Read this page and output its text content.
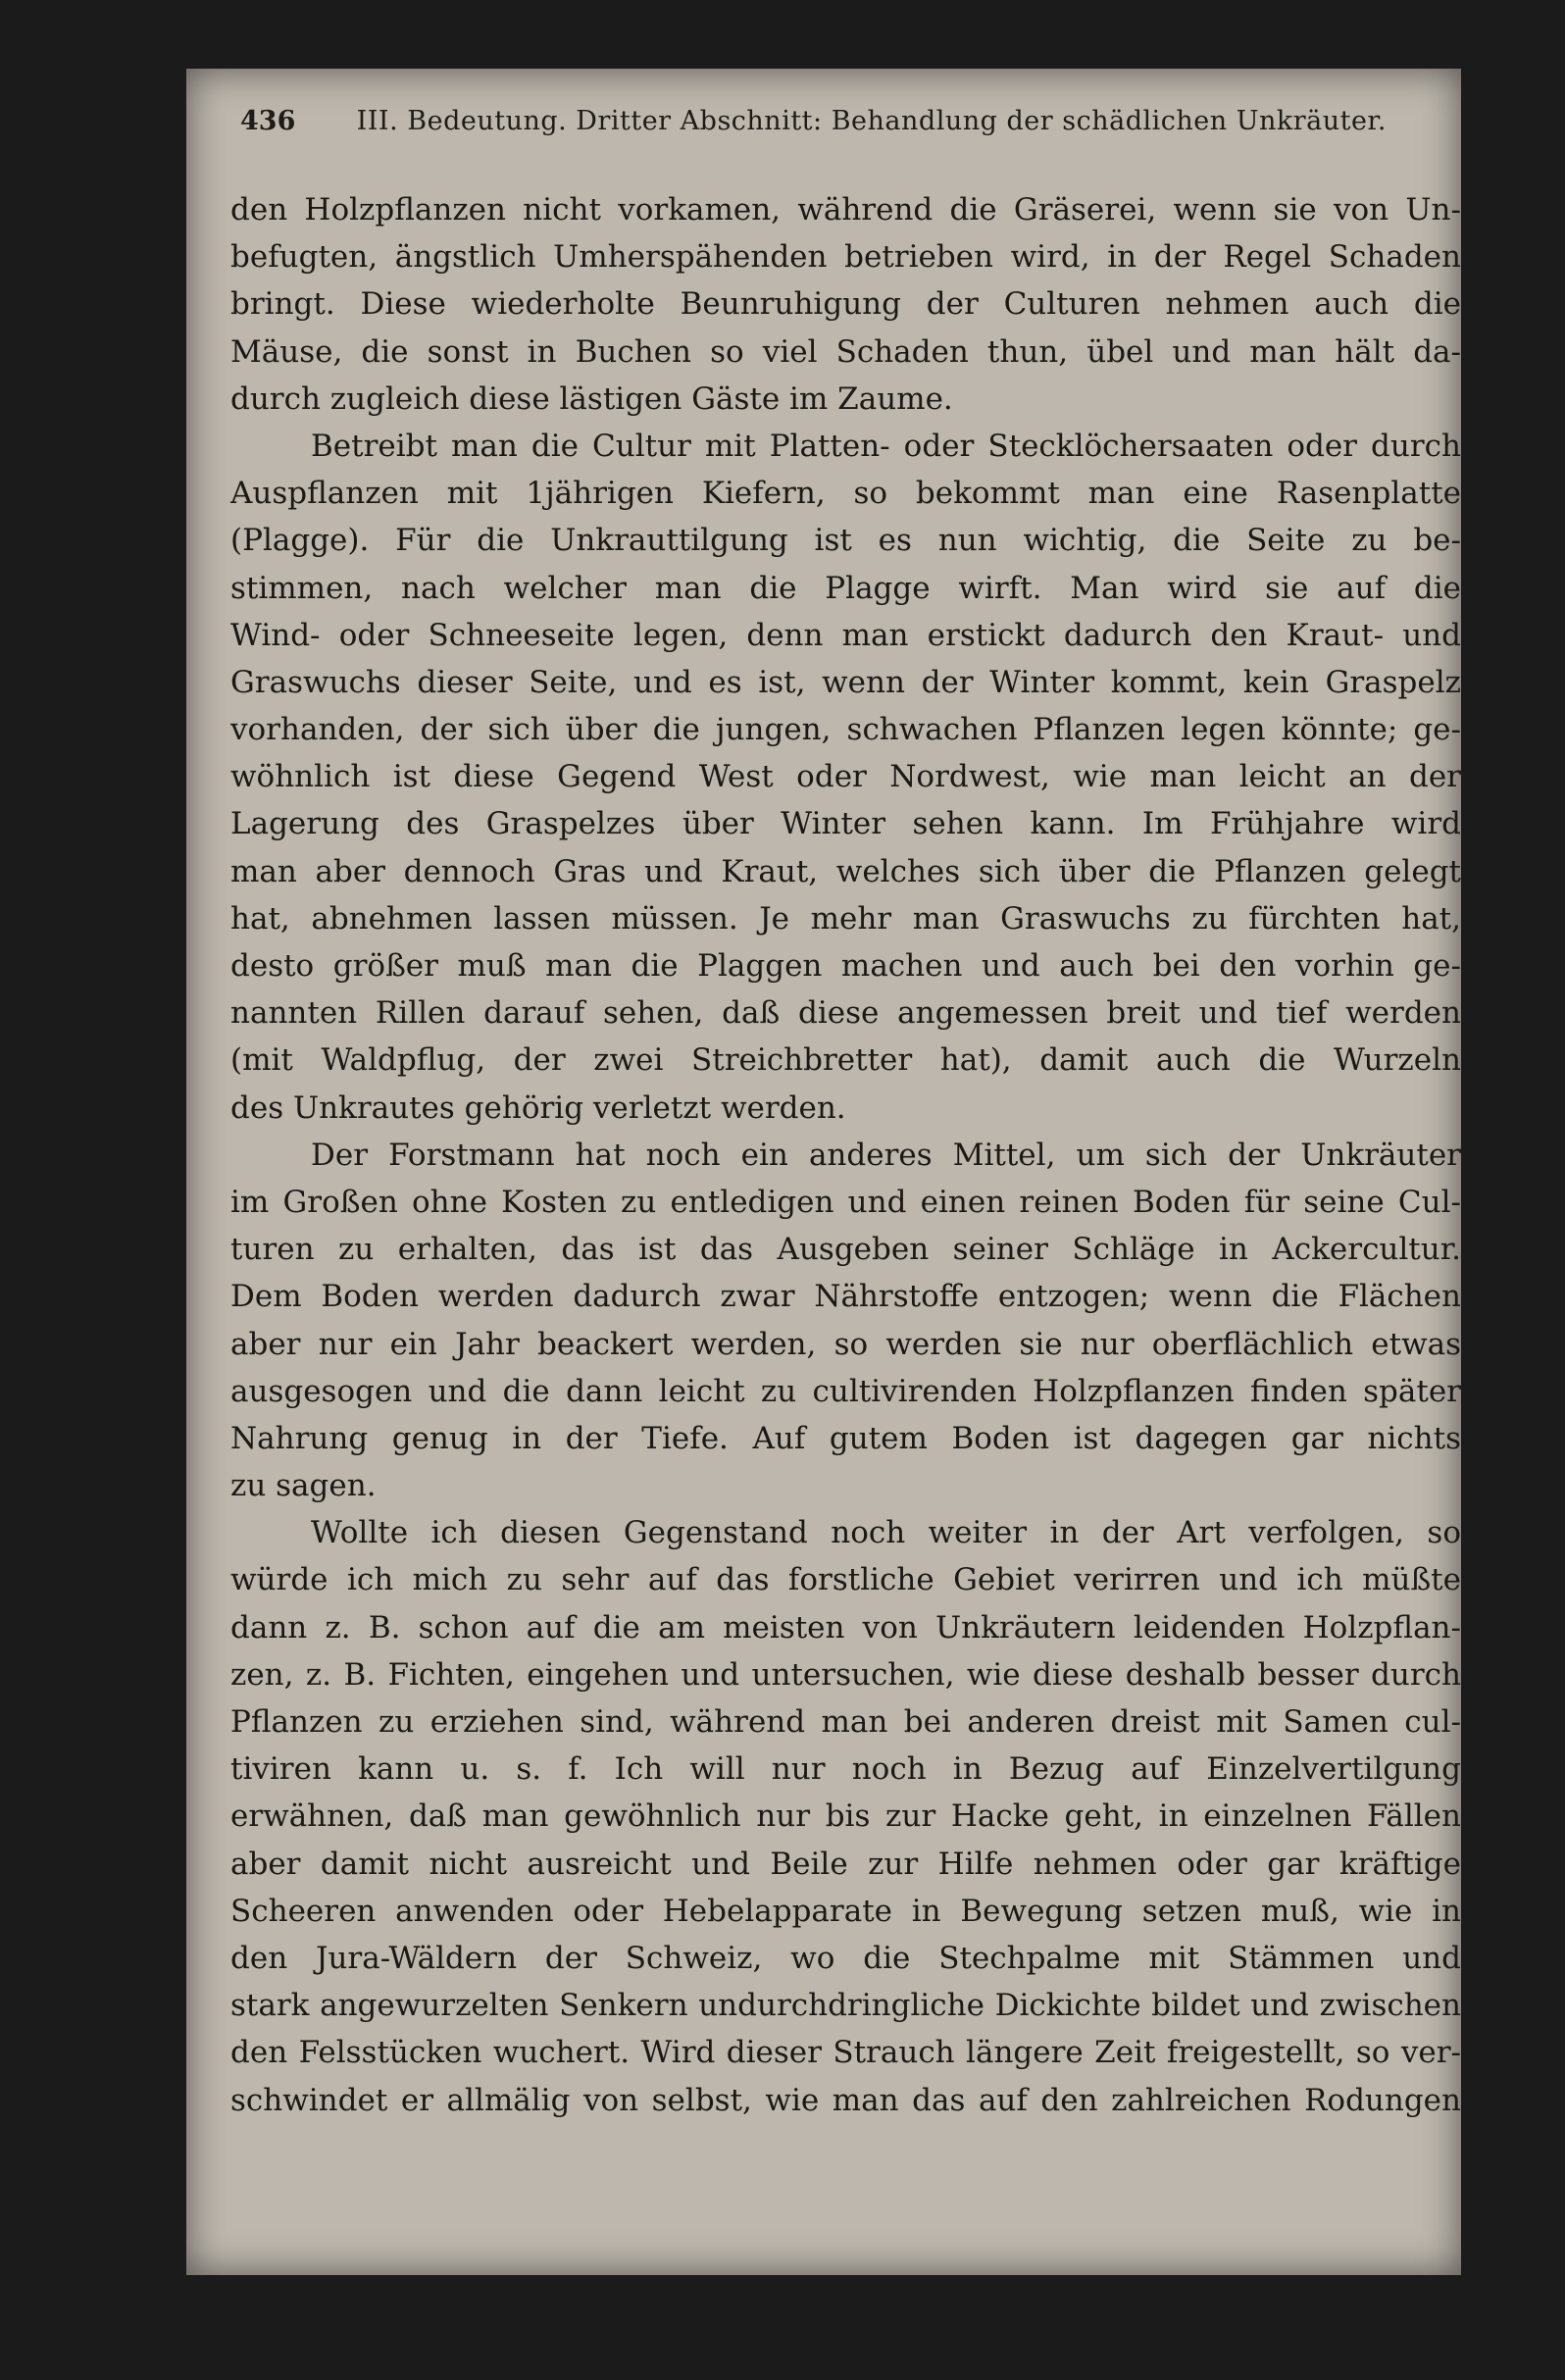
436 III. Bedeutung. Dritter Abschnitt: Behandlung der schädlichen Unkräuter.
den Holzpflanzen nicht vorkamen, während die Gräserei, wenn sie von Un-
befugten, ängstlich Umherspähenden betrieben wird, in der Regel Schaden
bringt. Diese wiederholte Beunruhigung der Culturen nehmen auch die
Mäuse, die sonst in Buchen so viel Schaden thun, übel und man hält da-
durch zugleich diese lästigen Gäste im Zaume.
Betreibt man die Cultur mit Platten- oder Stecklöchersaaten oder durch
Auspflanzen mit 1jährigen Kiefern, so bekommt man eine Rasenplatte
(Plagge). Für die Unkrauttilgung ist es nun wichtig, die Seite zu be-
stimmen, nach welcher man die Plagge wirft. Man wird sie auf die
Wind- oder Schneeseite legen, denn man erstickt dadurch den Kraut- und
Graswuchs dieser Seite, und es ist, wenn der Winter kommt, kein Graspelz
vorhanden, der sich über die jungen, schwachen Pflanzen legen könnte; ge-
wöhnlich ist diese Gegend West oder Nordwest, wie man leicht an der
Lagerung des Graspelzes über Winter sehen kann. Im Frühjahre wird
man aber dennoch Gras und Kraut, welches sich über die Pflanzen gelegt
hat, abnehmen lassen müssen. Je mehr man Graswuchs zu fürchten hat,
desto größer muß man die Plaggen machen und auch bei den vorhin ge-
nannten Rillen darauf sehen, daß diese angemessen breit und tief werden
(mit Waldpflug, der zwei Streichbretter hat), damit auch die Wurzeln
des Unkrautes gehörig verletzt werden.
Der Forstmann hat noch ein anderes Mittel, um sich der Unkräuter
im Großen ohne Kosten zu entledigen und einen reinen Boden für seine Cul-
turen zu erhalten, das ist das Ausgeben seiner Schläge in Ackercultur.
Dem Boden werden dadurch zwar Nährstoffe entzogen; wenn die Flächen
aber nur ein Jahr beackert werden, so werden sie nur oberflächlich etwas
ausgesogen und die dann leicht zu cultivirenden Holzpflanzen finden später
Nahrung genug in der Tiefe. Auf gutem Boden ist dagegen gar nichts
zu sagen.
Wollte ich diesen Gegenstand noch weiter in der Art verfolgen, so
würde ich mich zu sehr auf das forstliche Gebiet verirren und ich müßte
dann z. B. schon auf die am meisten von Unkräutern leidenden Holzpflan-
zen, z. B. Fichten, eingehen und untersuchen, wie diese deshalb besser durch
Pflanzen zu erziehen sind, während man bei anderen dreist mit Samen cul-
tiviren kann u. s. f. Ich will nur noch in Bezug auf Einzelvertilgung
erwähnen, daß man gewöhnlich nur bis zur Hacke geht, in einzelnen Fällen
aber damit nicht ausreicht und Beile zur Hilfe nehmen oder gar kräftige
Scheeren anwenden oder Hebelapparate in Bewegung setzen muß, wie in
den Jura-Wäldern der Schweiz, wo die Stechpalme mit Stämmen und
stark angewurzelten Senkern undurchdringliche Dickichte bildet und zwischen
den Felsstücken wuchert. Wird dieser Strauch längere Zeit freigestellt, so ver-
schwindet er allmälig von selbst, wie man das auf den zahlreichen Rodungen
